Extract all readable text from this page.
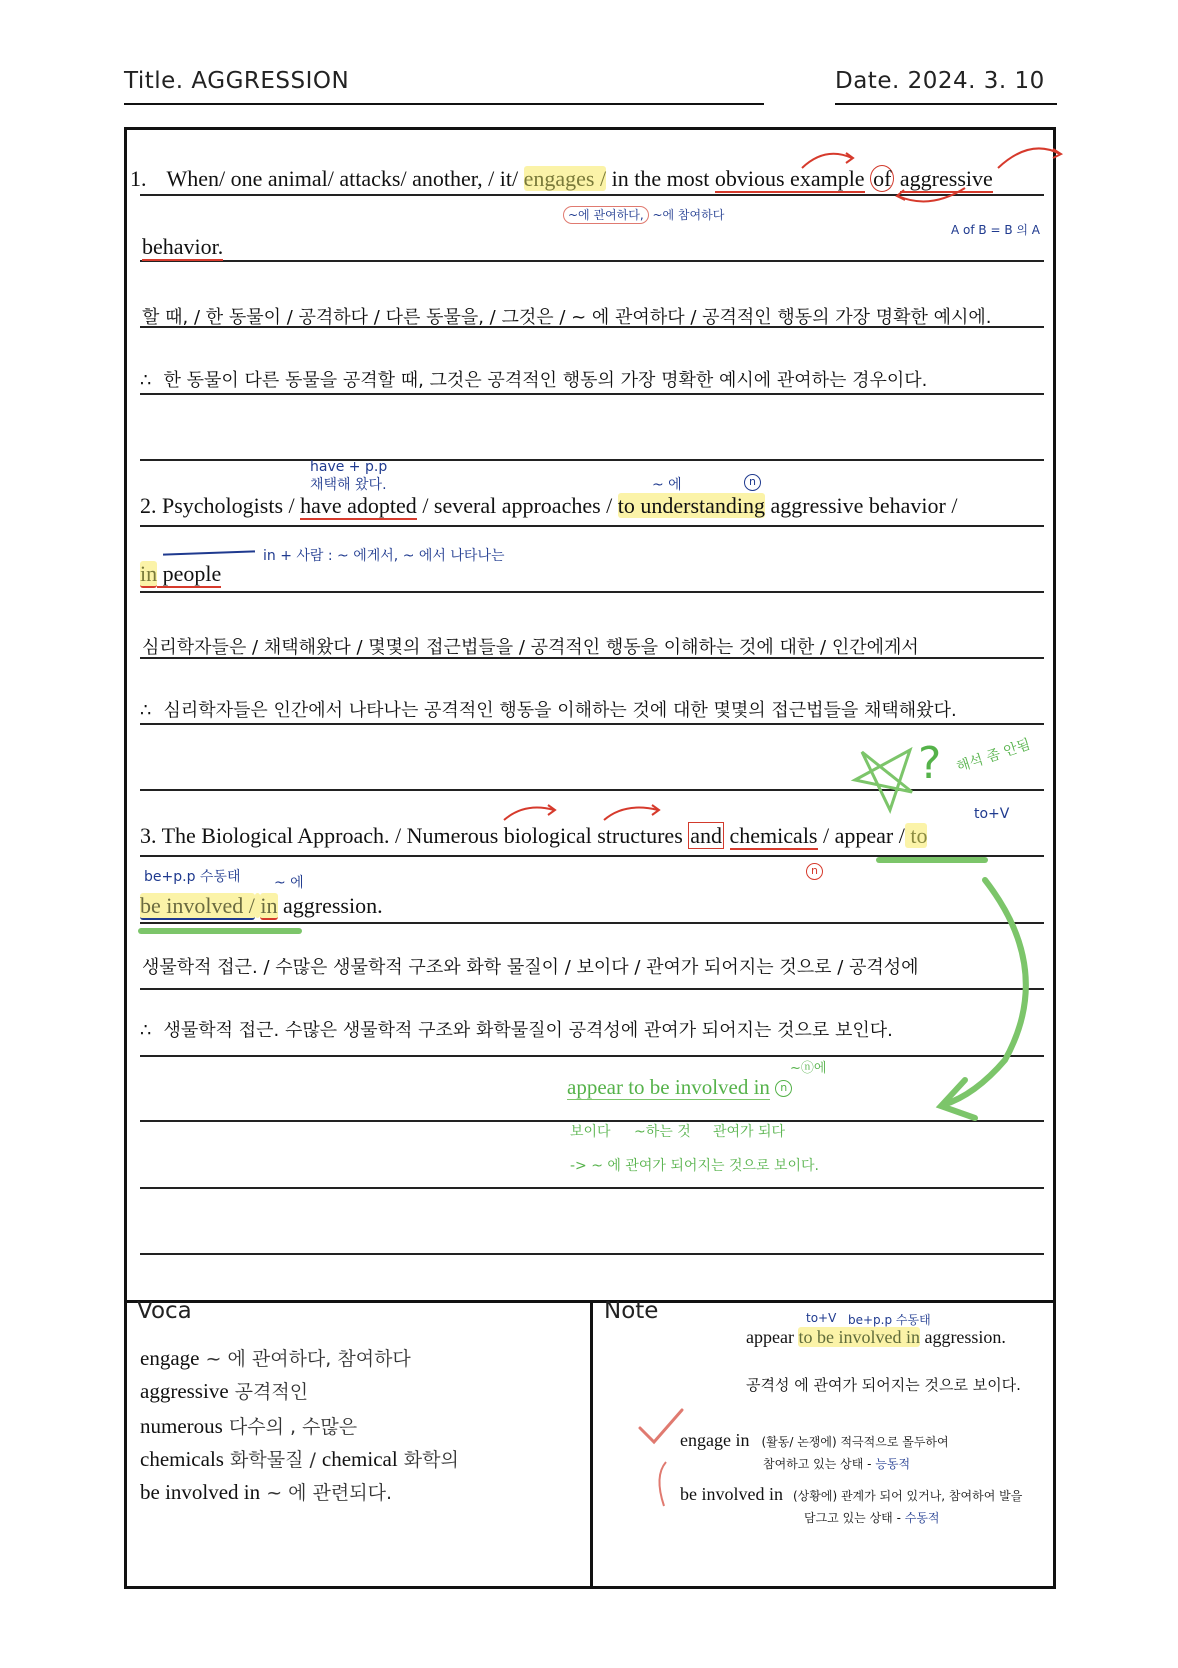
Title. AGGRESSION	Date. 2024. 3. 10
1. When/ one animal/ attacks/ another, / it/ engages / in the most obvious example of aggressive
~에 관여하다, ~에 참여하다
A of B = B 의 A
behavior.
할 때, / 한 동물이 / 공격하다 / 다른 동물을, / 그것은 / ~ 에 관여하다 / 공격적인 행동의 가장 명확한 예시에.
∴ 한 동물이 다른 동물을 공격할 때, 그것은 공격적인 행동의 가장 명확한 예시에 관여하는 경우이다.
have + p.p
채택해 왔다.	~ 에	n
2. Psychologists / have adopted / several approaches / to understanding aggressive behavior /
in + 사람 : ~ 에게서, ~ 에서 나타나는
in people
심리학자들은 / 채택해왔다 / 몇몇의 접근법들을 / 공격적인 행동을 이해하는 것에 대한 / 인간에게서
∴ 심리학자들은 인간에서 나타나는 공격적인 행동을 이해하는 것에 대한 몇몇의 접근법들을 채택해왔다.
? 해석 좀 안됨
to+V
3. The Biological Approach. / Numerous biological structures and chemicals / appear / to
n
be+p.p 수동태 ~ 에
be involved / in aggression.
생물학적 접근. / 수많은 생물학적 구조와 화학 물질이 / 보이다 / 관여가 되어지는 것으로 / 공격성에
∴ 생물학적 접근. 수많은 생물학적 구조와 화학물질이 공격성에 관여가 되어지는 것으로 보인다.
~ⓝ에
appear to be involved in n
보이다 ~하는 것 관여가 되다
-> ~ 에 관여가 되어지는 것으로 보이다.
Voca
engage ~ 에 관여하다, 참여하다
aggressive 공격적인
numerous 다수의 , 수많은
chemicals 화학물질 / chemical 화학의
be involved in ~ 에 관련되다.
Note	to+V be+p.p 수동태
appear to be involved in aggression.
공격성 에 관여가 되어지는 것으로 보이다.
engage in (활동/ 논쟁에) 적극적으로 몰두하여
참여하고 있는 상태 - 능동적
be involved in (상황에) 관계가 되어 있거나, 참여하여 발을
담그고 있는 상태 - 수동적
